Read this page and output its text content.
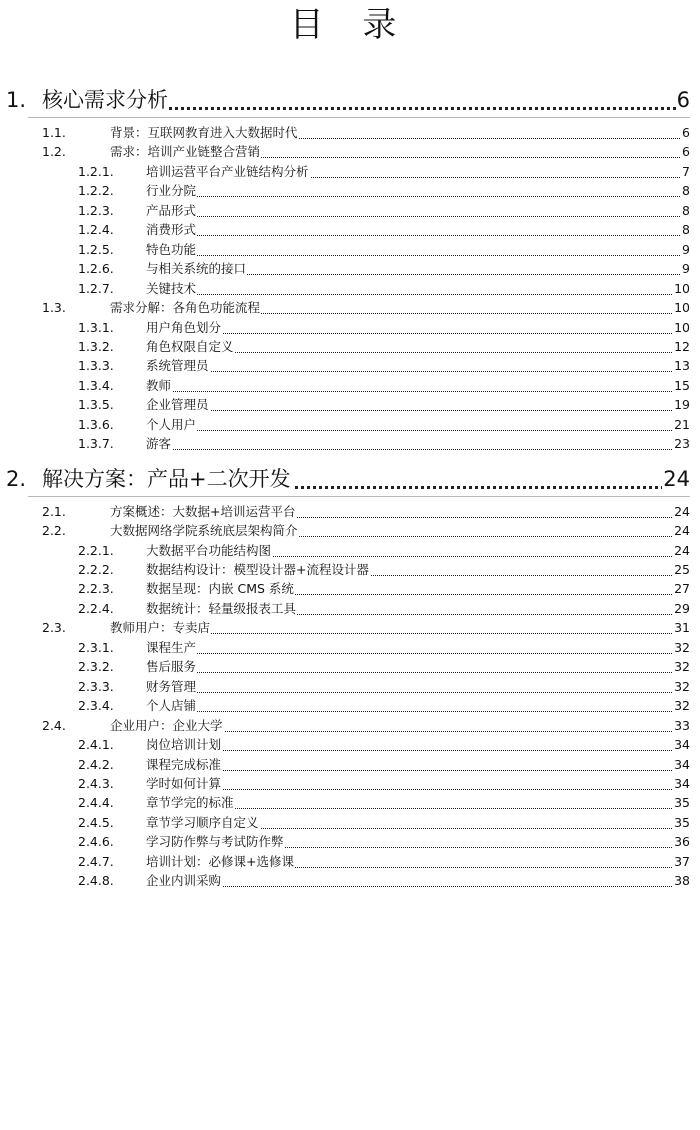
目 录
1. 核心需求分析	6
1.1.	背景：互联网教育进入大数据时代	6
1.2.	需求：培训产业链整合营销	6
1.2.1.	培训运营平台产业链结构分析	7
1.2.2.	行业分院	8
1.2.3.	产品形式	8
1.2.4.	消费形式	8
1.2.5.	特色功能	9
1.2.6.	与相关系统的接口	9
1.2.7.	关键技术	10
1.3.	需求分解：各角色功能流程	10
1.3.1.	用户角色划分	10
1.3.2.	角色权限自定义	12
1.3.3.	系统管理员	13
1.3.4.	教师	15
1.3.5.	企业管理员	19
1.3.6.	个人用户	21
1.3.7.	游客	23
2. 解决方案：产品+二次开发	24
2.1.	方案概述：大数据+培训运营平台	24
2.2.	大数据网络学院系统底层架构简介	24
2.2.1.	大数据平台功能结构图	24
2.2.2.	数据结构设计：模型设计器+流程设计器	25
2.2.3.	数据呈现：内嵌 CMS 系统	27
2.2.4.	数据统计：轻量级报表工具	29
2.3.	教师用户：专卖店	31
2.3.1.	课程生产	32
2.3.2.	售后服务	32
2.3.3.	财务管理	32
2.3.4.	个人店铺	32
2.4.	企业用户：企业大学	33
2.4.1.	岗位培训计划	34
2.4.2.	课程完成标准	34
2.4.3.	学时如何计算	34
2.4.4.	章节学完的标准	35
2.4.5.	章节学习顺序自定义	35
2.4.6.	学习防作弊与考试防作弊	36
2.4.7.	培训计划：必修课+选修课	37
2.4.8.	企业内训采购	38
